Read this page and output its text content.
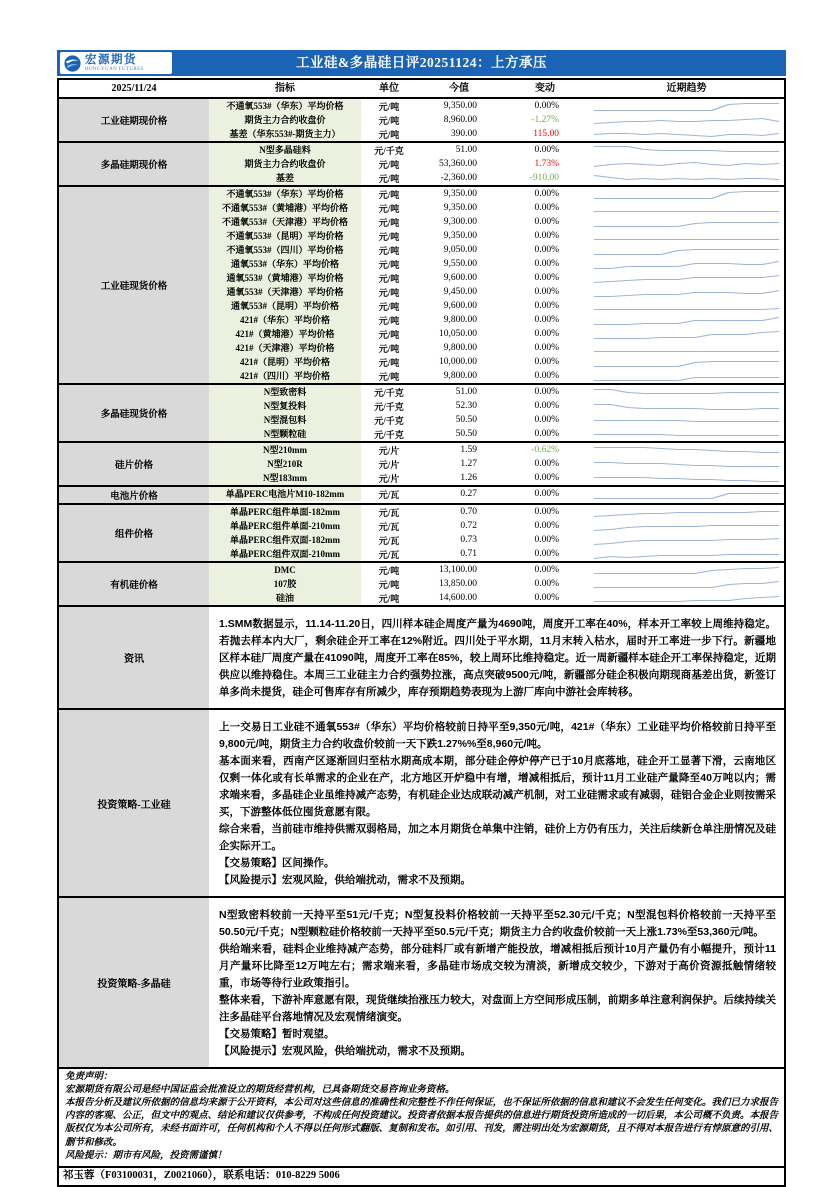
宏源期货
HONGYUAN FUTURES	工业硅&多晶硅日评20251124：上方承压
2025/11/24	指标	单位	今值	变动	近期趋势
工业硅期现价格
不通氧553#（华东）平均价格	元/吨	9,350.00	0.00%
期货主力合约收盘价	元/吨	8,960.00	-1.27%
基差（华东553#-期货主力）	元/吨	390.00	115.00
多晶硅期现价格
N型多晶硅料	元/千克	51.00	0.00%
期货主力合约收盘价	元/吨	53,360.00	1.73%
基差	元/吨	-2,360.00	-910.00
工业硅现货价格
不通氧553#（华东）平均价格	元/吨	9,350.00	0.00%
不通氧553#（黄埔港）平均价格	元/吨	9,350.00	0.00%
不通氧553#（天津港）平均价格	元/吨	9,300.00	0.00%
不通氧553#（昆明）平均价格	元/吨	9,350.00	0.00%
不通氧553#（四川）平均价格	元/吨	9,050.00	0.00%
通氧553#（华东）平均价格	元/吨	9,550.00	0.00%
通氧553#（黄埔港）平均价格	元/吨	9,600.00	0.00%
通氧553#（天津港）平均价格	元/吨	9,450.00	0.00%
通氧553#（昆明）平均价格	元/吨	9,600.00	0.00%
421#（华东）平均价格	元/吨	9,800.00	0.00%
421#（黄埔港）平均价格	元/吨	10,050.00	0.00%
421#（天津港）平均价格	元/吨	9,800.00	0.00%
421#（昆明）平均价格	元/吨	10,000.00	0.00%
421#（四川）平均价格	元/吨	9,800.00	0.00%
多晶硅现货价格
N型致密料	元/千克	51.00	0.00%
N型复投料	元/千克	52.30	0.00%
N型混包料	元/千克	50.50	0.00%
N型颗粒硅	元/千克	50.50	0.00%
硅片价格
N型210mm	元/片	1.59	-0.62%
N型210R	元/片	1.27	0.00%
N型183mm	元/片	1.26	0.00%
电池片价格	单晶PERC电池片M10-182mm	元/瓦	0.27	0.00%
组件价格
单晶PERC组件单面-182mm	元/瓦	0.70	0.00%
单晶PERC组件单面-210mm	元/瓦	0.72	0.00%
单晶PERC组件双面-182mm	元/瓦	0.73	0.00%
单晶PERC组件双面-210mm	元/瓦	0.71	0.00%
有机硅价格
DMC	元/吨	13,100.00	0.00%
107胶	元/吨	13,850.00	0.00%
硅油	元/吨	14,600.00	0.00%
资讯

1.SMM数据显示，11.14-11.20日，四川样本硅企周度产量为4690吨，周度开工率在40%，样本开工率较上周维持稳定。若抛去样本内大厂，剩余硅企开工率在12%附近。四川处于平水期，11月末转入枯水，届时开工率进一步下行。新疆地区样本硅厂周度产量在41090吨，周度开工率在85%，较上周环比维持稳定。近一周新疆样本硅企开工率保持稳定，近期供应以维持稳住。本周三工业硅主力合约强势拉涨，高点突破9500元/吨，新疆部分硅企积极向期现商基差出货，新签订单多尚未提货，硅企可售库存有所减少，库存预期趋势表现为上游厂库向中游社会库转移。

投资策略-工业硅

上一交易日工业硅不通氧553#（华东）平均价格较前日持平至9,350元/吨，421#（华东）工业硅平均价格较前日持平至9,800元/吨，期货主力合约收盘价较前一天下跌1.27%%至8,960元/吨。

基本面来看，西南产区逐渐回归至枯水期高成本期，部分硅企停炉停产已于10月底落地，硅企开工显著下滑，云南地区仅剩一体化或有长单需求的企业在产，北方地区开炉稳中有增，增减相抵后，预计11月工业硅产量降至40万吨以内；需求端来看，多晶硅企业虽维持减产态势，有机硅企业达成联动减产机制，对工业硅需求或有减弱，硅铝合金企业则按需采买，下游整体低位囤货意愿有限。

综合来看，当前硅市维持供需双弱格局，加之本月期货仓单集中注销，硅价上方仍有压力，关注后续新仓单注册情况及硅企实际开工。

【交易策略】区间操作。

【风险提示】宏观风险，供给端扰动，需求不及预期。

投资策略-多晶硅

N型致密料较前一天持平至51元/千克；N型复投料价格较前一天持平至52.30元/千克；N型混包料价格较前一天持平至50.50元/千克；N型颗粒硅价格较前一天持平至50.5元/千克；期货主力合约收盘价较前一天上涨1.73%至53,360元/吨。

供给端来看，硅料企业维持减产态势，部分硅料厂或有新增产能投放，增减相抵后预计10月产量仍有小幅提升，预计11月产量环比降至12万吨左右；需求端来看，多晶硅市场成交较为清淡，新增成交较少，下游对于高价资源抵触情绪较重，市场等待行业政策指引。

整体来看，下游补库意愿有限，现货继续抬涨压力较大，对盘面上方空间形成压制，前期多单注意利润保护。后续持续关注多晶硅平台落地情况及宏观情绪演变。

【交易策略】暂时观望。

【风险提示】宏观风险，供给端扰动，需求不及预期。

免责声明：
宏源期货有限公司是经中国证监会批准设立的期货经营机构，已具备期货交易咨询业务资格。
本报告分析及建议所依据的信息均来源于公开资料，本公司对这些信息的准确性和完整性不作任何保证，也不保证所依据的信息和建议不会发生任何变化。我们已力求报告内容的客观、公正，但文中的观点、结论和建议仅供参考，不构成任何投资建议。投资者依据本报告提供的信息进行期货投资所造成的一切后果，本公司概不负责。本报告版权仅为本公司所有，未经书面许可，任何机构和个人不得以任何形式翻版、复制和发布。如引用、刊发，需注明出处为宏源期货，且不得对本报告进行有悖原意的引用、删节和修改。
风险提示：期市有风险，投资需谨慎！
祁玉蓉（F03100031，Z0021060），联系电话：010-8229 5006
